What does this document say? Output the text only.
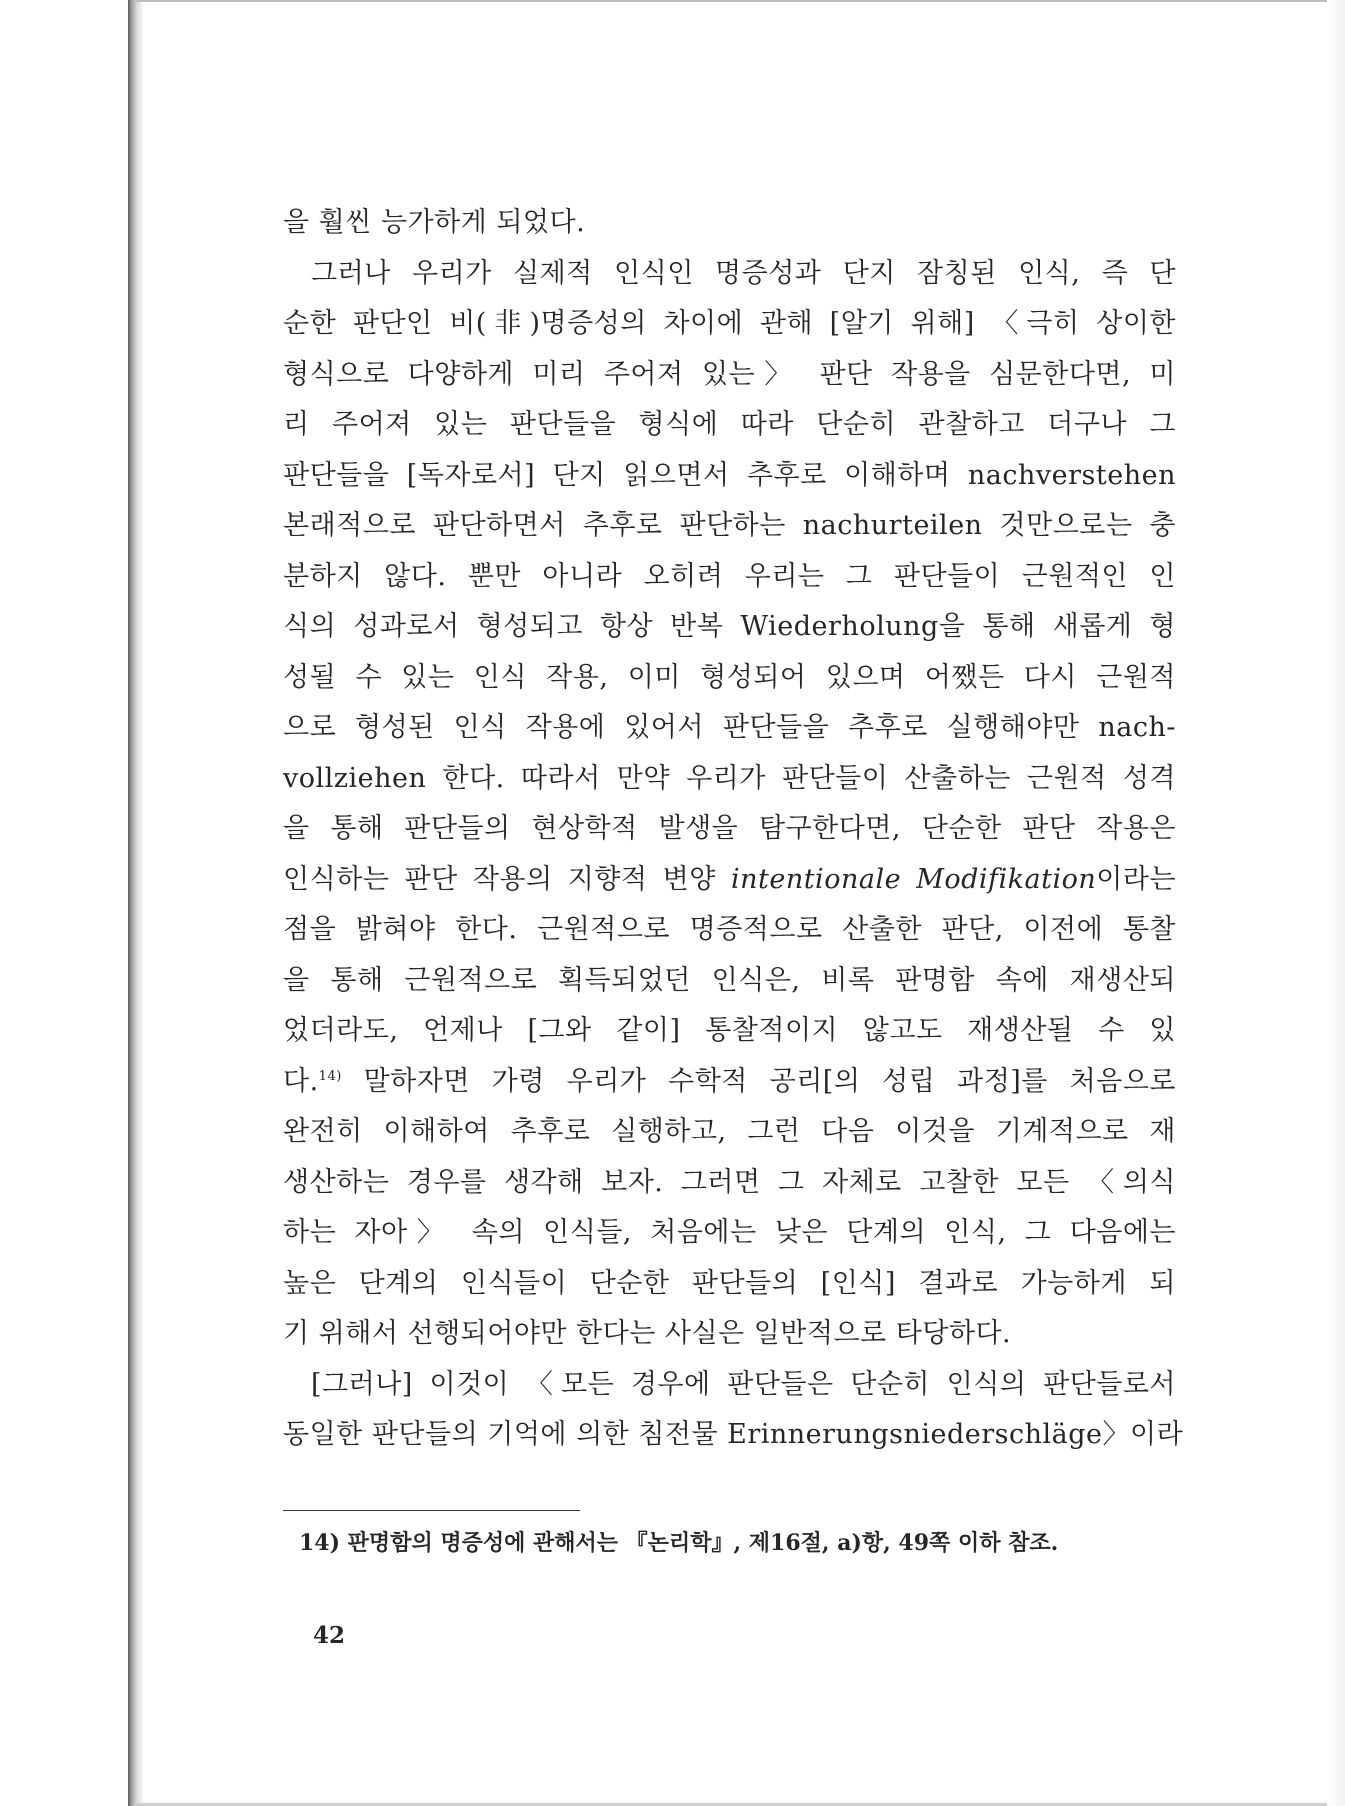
을 훨씬 능가하게 되었다.
그러나 우리가 실제적 인식인 명증성과 단지 잠칭된 인식, 즉 단
순한 판단인 비(非)명증성의 차이에 관해 [알기 위해] 〈극히 상이한
형식으로 다양하게 미리 주어져 있는〉 판단 작용을 심문한다면, 미
리 주어져 있는 판단들을 형식에 따라 단순히 관찰하고 더구나 그
판단들을 [독자로서] 단지 읽으면서 추후로 이해하며 nachverstehen
본래적으로 판단하면서 추후로 판단하는 nachurteilen 것만으로는 충
분하지 않다. 뿐만 아니라 오히려 우리는 그 판단들이 근원적인 인
식의 성과로서 형성되고 항상 반복 Wiederholung을 통해 새롭게 형
성될 수 있는 인식 작용, 이미 형성되어 있으며 어쨌든 다시 근원적
으로 형성된 인식 작용에 있어서 판단들을 추후로 실행해야만 nach-
vollziehen 한다. 따라서 만약 우리가 판단들이 산출하는 근원적 성격
을 통해 판단들의 현상학적 발생을 탐구한다면, 단순한 판단 작용은
인식하는 판단 작용의 지향적 변양 intentionale Modifikation이라는
점을 밝혀야 한다. 근원적으로 명증적으로 산출한 판단, 이전에 통찰
을 통해 근원적으로 획득되었던 인식은, 비록 판명함 속에 재생산되
었더라도, 언제나 [그와 같이] 통찰적이지 않고도 재생산될 수 있
다.$^{14)}$ 말하자면 가령 우리가 수학적 공리[의 성립 과정]를 처음으로
완전히 이해하여 추후로 실행하고, 그런 다음 이것을 기계적으로 재
생산하는 경우를 생각해 보자. 그러면 그 자체로 고찰한 모든 〈의식
하는 자아〉 속의 인식들, 처음에는 낮은 단계의 인식, 그 다음에는
높은 단계의 인식들이 단순한 판단들의 [인식] 결과로 가능하게 되
기 위해서 선행되어야만 한다는 사실은 일반적으로 타당하다.
[그러나] 이것이 〈모든 경우에 판단들은 단순히 인식의 판단들로서
동일한 판단들의 기억에 의한 침전물 Erinnerungsniederschläge〉이라
14) 판명함의 명증성에 관해서는 『논리학』, 제16절, a)항, 49쪽 이하 참조.
42
